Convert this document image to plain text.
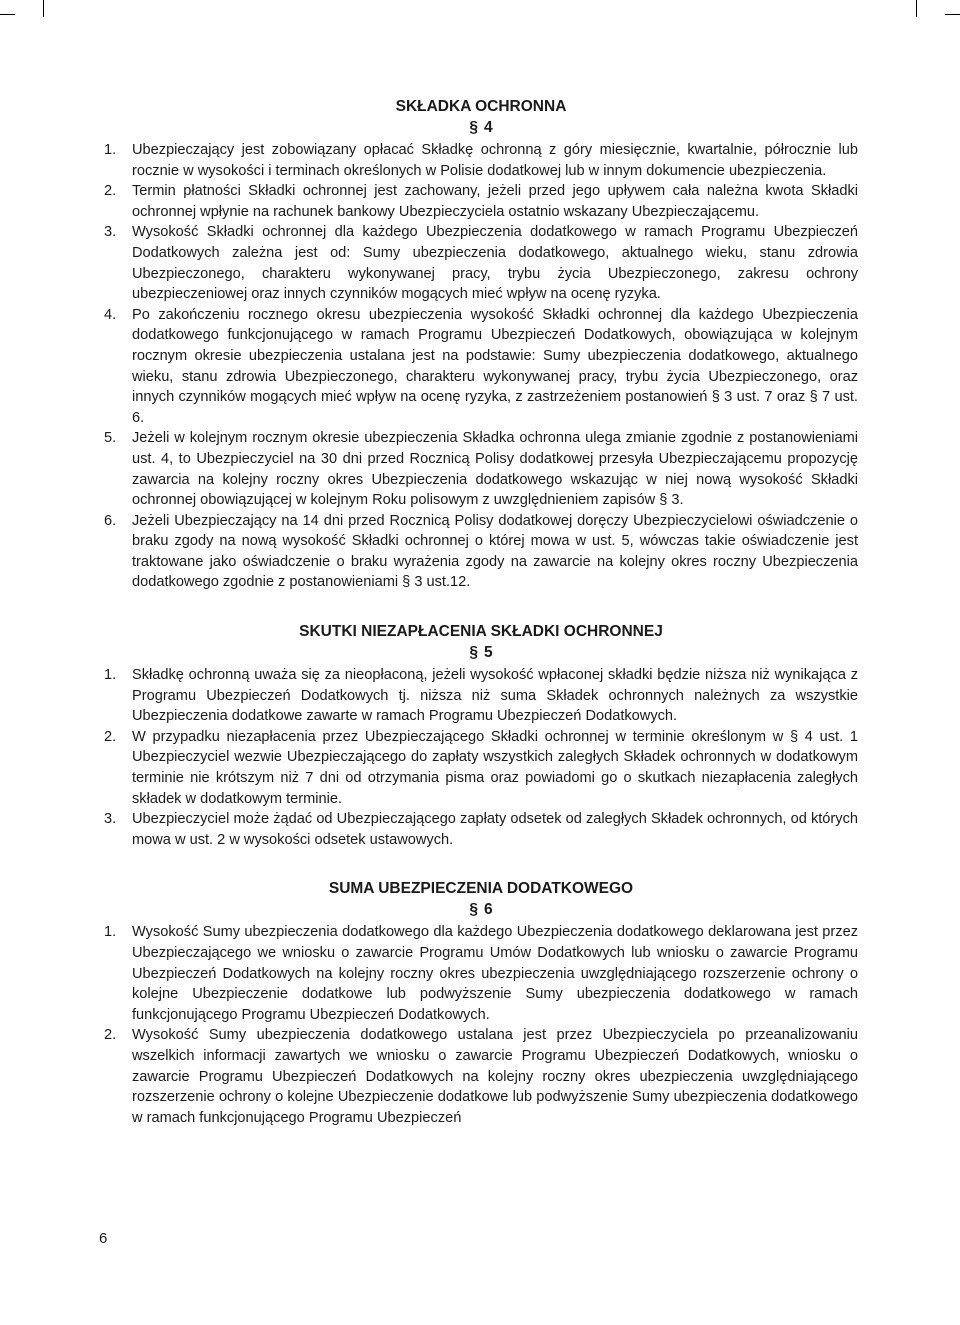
SKŁADKA OCHRONNA
§ 4
1.	Ubezpieczający jest zobowiązany opłacać Składkę ochronną z góry miesięcznie, kwartalnie, półrocznie lub rocznie w wysokości i terminach określonych w Polisie dodatkowej lub w innym dokumencie ubezpieczenia.
2.	Termin płatności Składki ochronnej jest zachowany, jeżeli przed jego upływem cała należna kwota Składki ochronnej wpłynie na rachunek bankowy Ubezpieczyciela ostatnio wskazany Ubezpieczającemu.
3.	Wysokość Składki ochronnej dla każdego Ubezpieczenia dodatkowego w ramach Programu Ubezpieczeń Dodatkowych zależna jest od: Sumy ubezpieczenia dodatkowego, aktualnego wieku, stanu zdrowia Ubezpieczonego, charakteru wykonywanej pracy, trybu życia Ubezpieczonego, zakresu ochrony ubezpieczeniowej oraz innych czynników mogących mieć wpływ na ocenę ryzyka.
4.	Po zakończeniu rocznego okresu ubezpieczenia wysokość Składki ochronnej dla każdego Ubezpieczenia dodatkowego funkcjonującego w ramach Programu Ubezpieczeń Dodatkowych, obowiązująca w kolejnym rocznym okresie ubezpieczenia ustalana jest na podstawie: Sumy ubezpieczenia dodatkowego, aktualnego wieku, stanu zdrowia Ubezpieczonego, charakteru wykonywanej pracy, trybu życia Ubezpieczonego, oraz innych czynników mogących mieć wpływ na ocenę ryzyka, z zastrzeżeniem postanowień § 3 ust. 7 oraz § 7 ust. 6.
5.	Jeżeli w kolejnym rocznym okresie ubezpieczenia Składka ochronna ulega zmianie zgodnie z postanowieniami ust. 4, to Ubezpieczyciel na 30 dni przed Rocznicą Polisy dodatkowej przesyła Ubezpieczającemu propozycję zawarcia na kolejny roczny okres Ubezpieczenia dodatkowego wskazując w niej nową wysokość Składki ochronnej obowiązującej w kolejnym Roku polisowym z uwzględnieniem zapisów § 3.
6.	Jeżeli Ubezpieczający na 14 dni przed Rocznicą Polisy dodatkowej doręczy Ubezpieczycielowi oświadczenie o braku zgody na nową wysokość Składki ochronnej o której mowa w ust. 5, wówczas takie oświadczenie jest traktowane jako oświadczenie o braku wyrażenia zgody na zawarcie na kolejny okres roczny Ubezpieczenia dodatkowego zgodnie z postanowieniami § 3 ust.12.
SKUTKI NIEZAPŁACENIA SKŁADKI OCHRONNEJ
§ 5
1.	Składkę ochronną uważa się za nieopłaconą, jeżeli wysokość wpłaconej składki będzie niższa niż wynikająca z Programu Ubezpieczeń Dodatkowych tj. niższa niż suma Składek ochronnych należnych za wszystkie Ubezpieczenia dodatkowe zawarte w ramach Programu Ubezpieczeń Dodatkowych.
2.	W przypadku niezapłacenia przez Ubezpieczającego Składki ochronnej w terminie określonym w § 4 ust. 1 Ubezpieczyciel wezwie Ubezpieczającego do zapłaty wszystkich zaległych Składek ochronnych w dodatkowym terminie nie krótszym niż 7 dni od otrzymania pisma oraz powiadomi go o skutkach niezapłacenia zaległych składek w dodatkowym terminie.
3.	Ubezpieczyciel może żądać od Ubezpieczającego zapłaty odsetek od zaległych Składek ochronnych, od których mowa w ust. 2 w wysokości odsetek ustawowych.
SUMA UBEZPIECZENIA DODATKOWEGO
§ 6
1.	Wysokość Sumy ubezpieczenia dodatkowego dla każdego Ubezpieczenia dodatkowego deklarowana jest przez Ubezpieczającego we wniosku o zawarcie Programu Umów Dodatkowych lub wniosku o zawarcie Programu Ubezpieczeń Dodatkowych na kolejny roczny okres ubezpieczenia uwzględniającego rozszerzenie ochrony o kolejne Ubezpieczenie dodatkowe lub podwyższenie Sumy ubezpieczenia dodatkowego w ramach funkcjonującego Programu Ubezpieczeń Dodatkowych.
2.	Wysokość Sumy ubezpieczenia dodatkowego ustalana jest przez Ubezpieczyciela po przeanalizowaniu wszelkich informacji zawartych we wniosku o zawarcie Programu Ubezpieczeń Dodatkowych, wniosku o zawarcie Programu Ubezpieczeń Dodatkowych na kolejny roczny okres ubezpieczenia uwzględniającego rozszerzenie ochrony o kolejne Ubezpieczenie dodatkowe lub podwyższenie Sumy ubezpieczenia dodatkowego w ramach funkcjonującego Programu Ubezpieczeń
6
